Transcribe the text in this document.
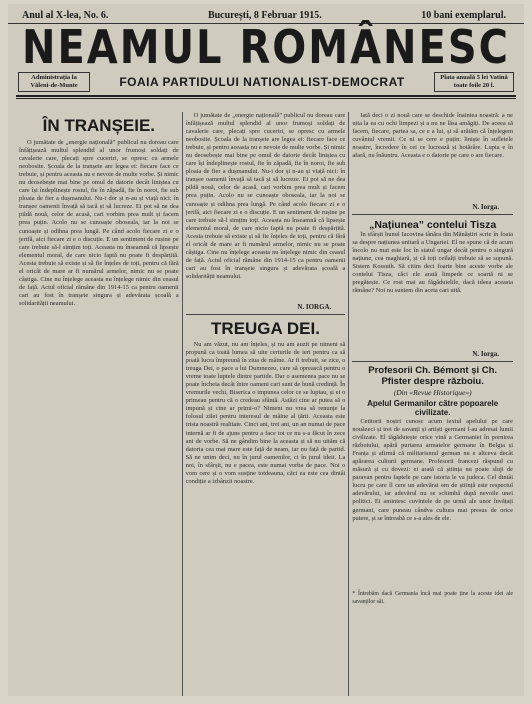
Anul al X-lea, No. 6.	București, 8 Februar 1915.	10 bani exemplarul.
NEAMUL ROMÂNESC
Administrația la Văleni-de-Munte	FOAIA PARTIDULUI NATIONALIST-DEMOCRAT	Plata anuală 5 lei Vatină toate foile 20 l.
ÎN TRANȘEIE.

O jumătate de „energie națională” publicul nu doreau care înfățișează multul splendid al unor frumoși soldați de cavalerie care, plecați spre cuceriri, se opresc cu armele neobosite. Școala de la tranșeie are legea ei: fiecare face ce trebuie, și pentru aceasta nu e nevoie de multe vorbe. Și nimic nu deosebește mai bine pe omul de datorie decât liniștea cu care își îndeplinește rostul, fie în zăpadă, fie în noroi, fie sub ploaia de fier a dușmanului. Nu-i dor și n-au și viață nici: în tranșee oamenii învață să tacă și să lucreze. Ei pot să ne dea pildă nouă, celor de acasă, cari vorbim prea mult și facem prea puțin. Acolo nu se cunoaște oboseala, iar la noi se cunoaște și odihna prea lungă. Pe când acolo fiecare zi e o jertfă, aici fiecare zi e o discuție. E un sentiment de rușine pe care trebuie să-l simțim toți. Aceasta nu înseamnă că lipsește elementul moral, de care nicio faptă nu poate fi despărțită. Acesta trebuie să existe și să fie înțeles de toți, pentru că fără el oricât de mare ar fi numărul armelor, nimic nu se poate câștiga. Cine nu înțelege aceasta nu înțelege nimic din ceasul de față. Actul oficial rămâne din 1914-15 ca pentru oamenii cari au fost în tranșeie singura și adevărata școală a solidarității neamului.

O jumătate de „energie națională” publicul nu doreau care înfățișează multul splendid al unor frumoși soldați de cavalerie care, plecați spre cuceriri, se opresc cu armele neobosite. Școala de la tranșeie are legea ei: fiecare face ce trebuie, și pentru aceasta nu e nevoie de multe vorbe. Și nimic nu deosebește mai bine pe omul de datorie decât liniștea cu care își îndeplinește rostul, fie în zăpadă, fie în noroi, fie sub ploaia de fier a dușmanului. Nu-i dor și n-au și viață nici: în tranșee oamenii învață să tacă și să lucreze. Ei pot să ne dea pildă nouă, celor de acasă, cari vorbim prea mult și facem prea puțin. Acolo nu se cunoaște oboseala, iar la noi se cunoaște și odihna prea lungă. Pe când acolo fiecare zi e o jertfă, aici fiecare zi e o discuție. E un sentiment de rușine pe care trebuie să-l simțim toți. Aceasta nu înseamnă că lipsește elementul moral, de care nicio faptă nu poate fi despărțită. Acesta trebuie să existe și să fie înțeles de toți, pentru că fără el oricât de mare ar fi numărul armelor, nimic nu se poate câștiga. Cine nu înțelege aceasta nu înțelege nimic din ceasul de față. Actul oficial rămâne din 1914-15 ca pentru oamenii cari au fost în tranșeie singura și adevărata școală a solidarității neamului.

N. IORGA.
TREUGA DEI.

Nu am văzut, nu am înțeles, și nu am auzit pe nimeni să propună ca toată lumea să uite certurile de ieri pentru ca să poată lucra împreună în ziua de mâine. Ar fi trebuit, se zice, o treuga Dei, o pace a lui Dumnezeu, care să oprească pentru o vreme toate luptele dintre partide. Dar o asemenea pace nu se poate încheia decât între oameni cari sunt de bună credință. În vremurile vechi, Biserica o impunea celor ce se luptau, și ei o primeau pentru că o credeau sfântă. Astăzi cine ar putea să o impună și cine ar primi-o? Nimeni nu vrea să renunțe la folosul zilei pentru interesul de mâine al țării. Aceasta este trista noastră realitate. Cinci ani, trei ani, un an numai de pace internă ar fi de ajuns pentru a face tot ce nu s-a făcut în zece ani de vorbe. Să ne gândim bine la aceasta și să nu uităm că datoria cea mai mare este față de neam, iar nu față de partid. Să ne unim deci, nu în jurul oamenilor, ci în jurul ideii. La noi, în sfârșit, nu e pacea, este numai vorba de pace. Noi o vom cere și o vom susține totdeauna, căci ea este cea dintâi condiție a izbânzii noastre.

Iată deci o zi nouă care se deschide înaintea noastră: a ne uita la ea cu ochi limpezi și a nu ne lăsa amăgiți. De aceea să facem, fiecare, partea sa, ce e a lui, și să arătăm că înțelegem cuvântul vremii. Ce ni se cere e puțin: liniște în sufletele noastre, încredere în cei ce lucrează și hotărâre. Lupta e în afară, nu înăuntru. Aceasta e o datorie pe care o are fiecare.

N. Iorga.
„Națiunea” contelui Tisza

În sfârșit bunul Iacovina tânăra din Mănăștiri scrie în foaia sa despre națiunea unitară a Ungariei. El ne spune că de acum încolo nu mai este loc în statul ungar decât pentru o singură națiune, cea maghiară, și că toți ceilalți trebuie să se supună. Sistem Kossuth. Să citim deci foarte bine aceste vorbe ale contelui Tisza, căci ele arată limpede ce soartă ni se pregătește. Ce rost mai au făgăduielile, dacă ideea aceasta rămâne? Noi nu suntem din aceia cari uită.

N. Iorga.
Profesorii Ch. Bémont și Ch. Pfister despre războiu.
(Din «Revue Historique»)
Apelul Germanilor către popoarele civilizate.

Cetitorii noștri cunosc acum textul apelului pe care nouăzeci și trei de savanți și artiști germani l-au adresat lumii civilizate. El tăgăduiește orice vină a Germaniei în pornirea războiului, apără purtarea armatelor germane în Belgia și Franța și afirmă că militarismul german nu e altceva decât apărarea culturii germane. Profesorii francezi răspund cu măsură și cu dovezi: ei arată că știința nu poate sluji de paravan pentru faptele pe care istoria le va judeca. Cel dintâi lucru pe care îl cere un adevărat om de știință este respectul adevărului, iar adevărul nu se schimbă după nevoile unei politici. Ei amintesc cuvintele de pe urmă ale unor învățați germani, care puneau cândva cultura mai presus de orice putere, și se întreabă ce s-a ales de ele.

* Întrebăm dacă Germania încă mai poate ține la aceste idei ale savanților săi.
